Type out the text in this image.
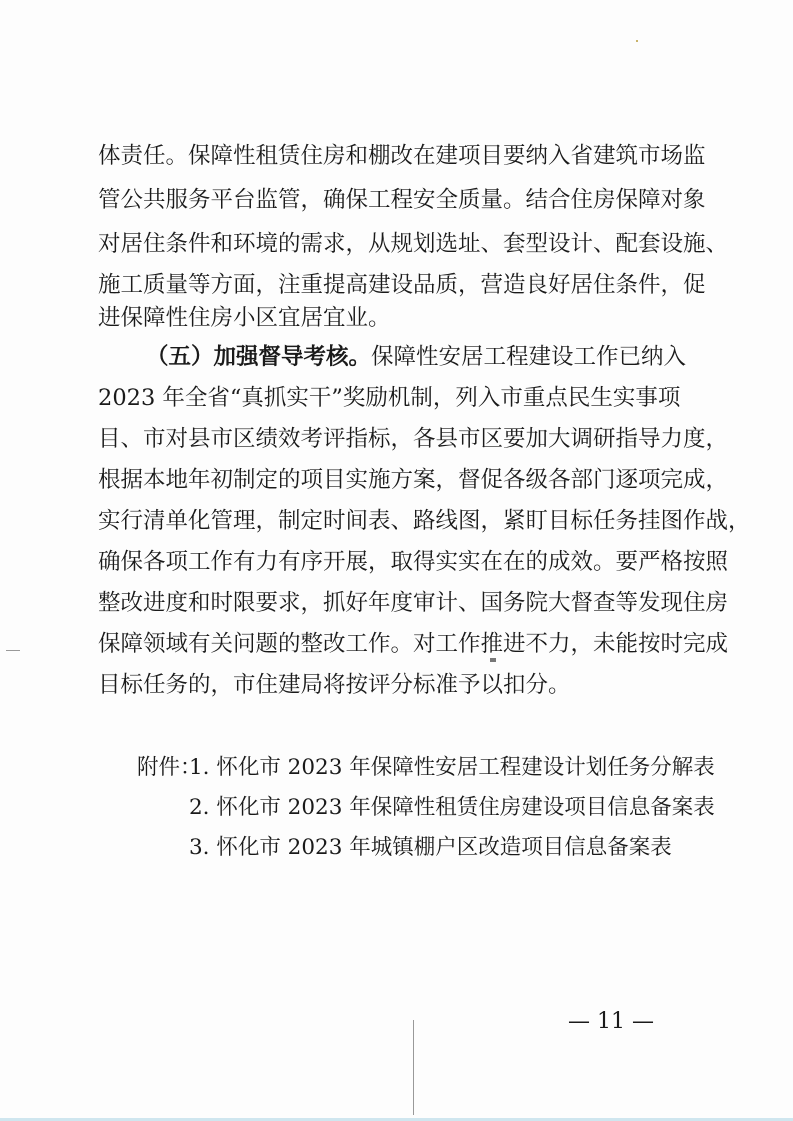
体责任。保障性租赁住房和棚改在建项目要纳入省建筑市场监
管公共服务平台监管，确保工程安全质量。结合住房保障对象
对居住条件和环境的需求，从规划选址、套型设计、配套设施、
施工质量等方面，注重提高建设品质，营造良好居住条件，促
进保障性住房小区宜居宜业。
（五）加强督导考核。保障性安居工程建设工作已纳入
2023 年全省“真抓实干”奖励机制，列入市重点民生实事项
目、市对县市区绩效考评指标，各县市区要加大调研指导力度，
根据本地年初制定的项目实施方案，督促各级各部门逐项完成，
实行清单化管理，制定时间表、路线图，紧盯目标任务挂图作战，
确保各项工作有力有序开展，取得实实在在的成效。要严格按照
整改进度和时限要求，抓好年度审计、国务院大督查等发现住房
保障领域有关问题的整改工作。对工作推进不力，未能按时完成
目标任务的，市住建局将按评分标准予以扣分。
附件：
1. 怀化市 2023 年保障性安居工程建设计划任务分解表
2. 怀化市 2023 年保障性租赁住房建设项目信息备案表
3. 怀化市 2023 年城镇棚户区改造项目信息备案表
— 11 —
